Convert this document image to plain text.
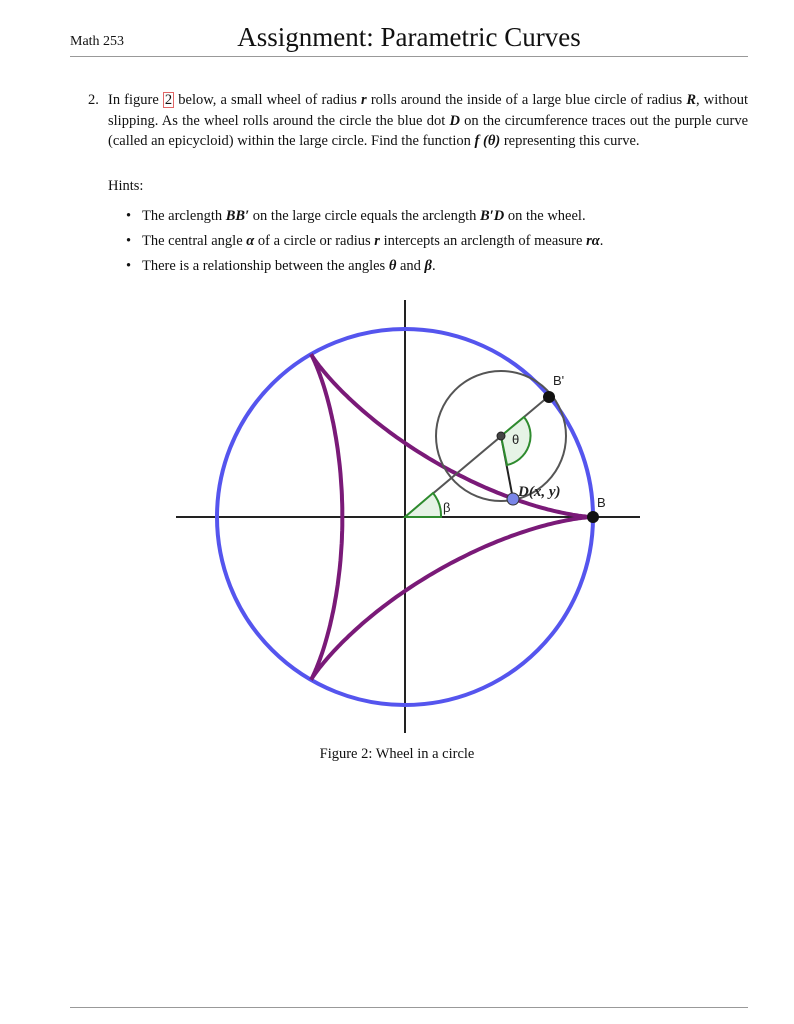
Math 253	Assignment: Parametric Curves
2. In figure 2 below, a small wheel of radius r rolls around the inside of a large blue circle of radius R, without slipping. As the wheel rolls around the circle the blue dot D on the circumference traces out the purple curve (called an epicycloid) within the large circle. Find the function f (θ) representing this curve.
Hints:
• The arclength BB′ on the large circle equals the arclength B′D on the wheel.
• The central angle α of a circle or radius r intercepts an arclength of measure rα.
• There is a relationship between the angles θ and β.
B'
B
θ
β
D(x, y)
Figure 2: Wheel in a circle
